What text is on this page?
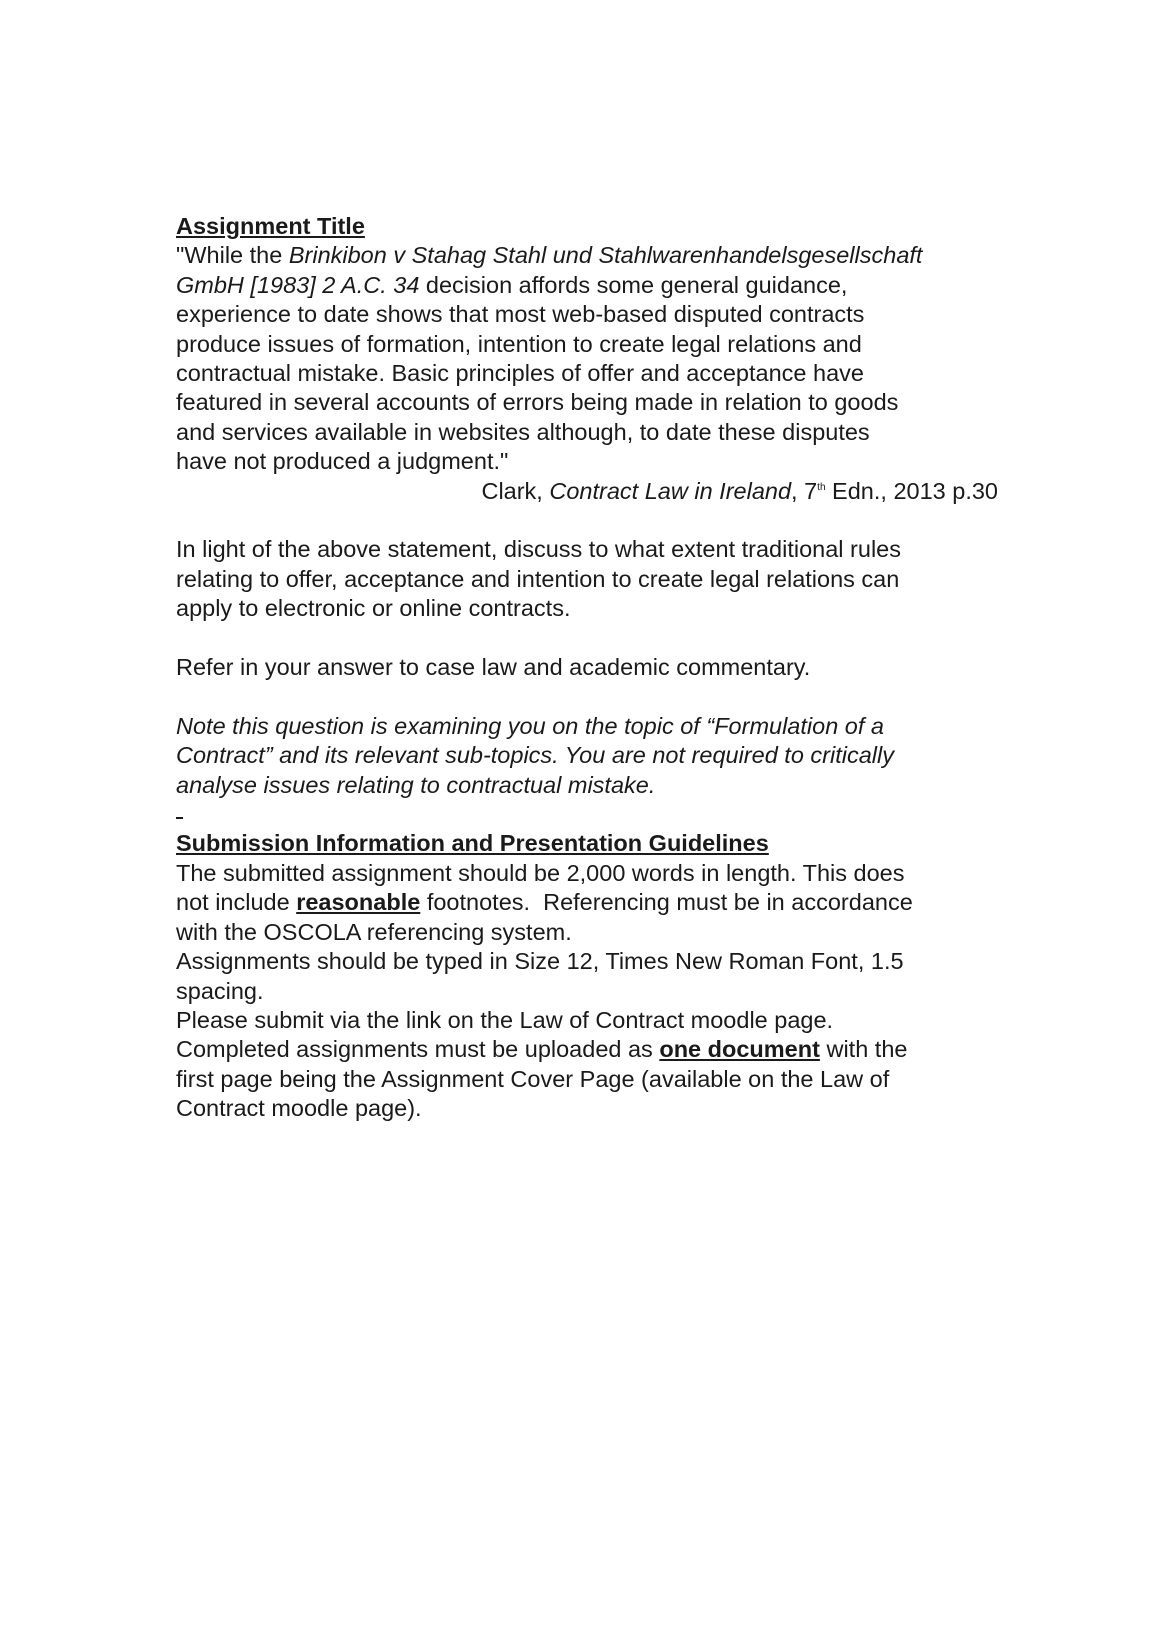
Assignment Title
"While the Brinkibon v Stahag Stahl und Stahlwarenhandelsgesellschaft
GmbH [1983] 2 A.C. 34 decision affords some general guidance,
experience to date shows that most web-based disputed contracts
produce issues of formation, intention to create legal relations and
contractual mistake. Basic principles of offer and acceptance have
featured in several accounts of errors being made in relation to goods
and services available in websites although, to date these disputes
have not produced a judgment."
Clark, Contract Law in Ireland, 7th Edn., 2013 p.30
In light of the above statement, discuss to what extent traditional rules
relating to offer, acceptance and intention to create legal relations can
apply to electronic or online contracts.
Refer in your answer to case law and academic commentary.
Note this question is examining you on the topic of “Formulation of a
Contract” and its relevant sub-topics. You are not required to critically
analyse issues relating to contractual mistake.
Submission Information and Presentation Guidelines
The submitted assignment should be 2,000 words in length. This does
not include reasonable footnotes.  Referencing must be in accordance
with the OSCOLA referencing system.
Assignments should be typed in Size 12, Times New Roman Font, 1.5
spacing.
Please submit via the link on the Law of Contract moodle page.
Completed assignments must be uploaded as one document with the
first page being the Assignment Cover Page (available on the Law of
Contract moodle page).
